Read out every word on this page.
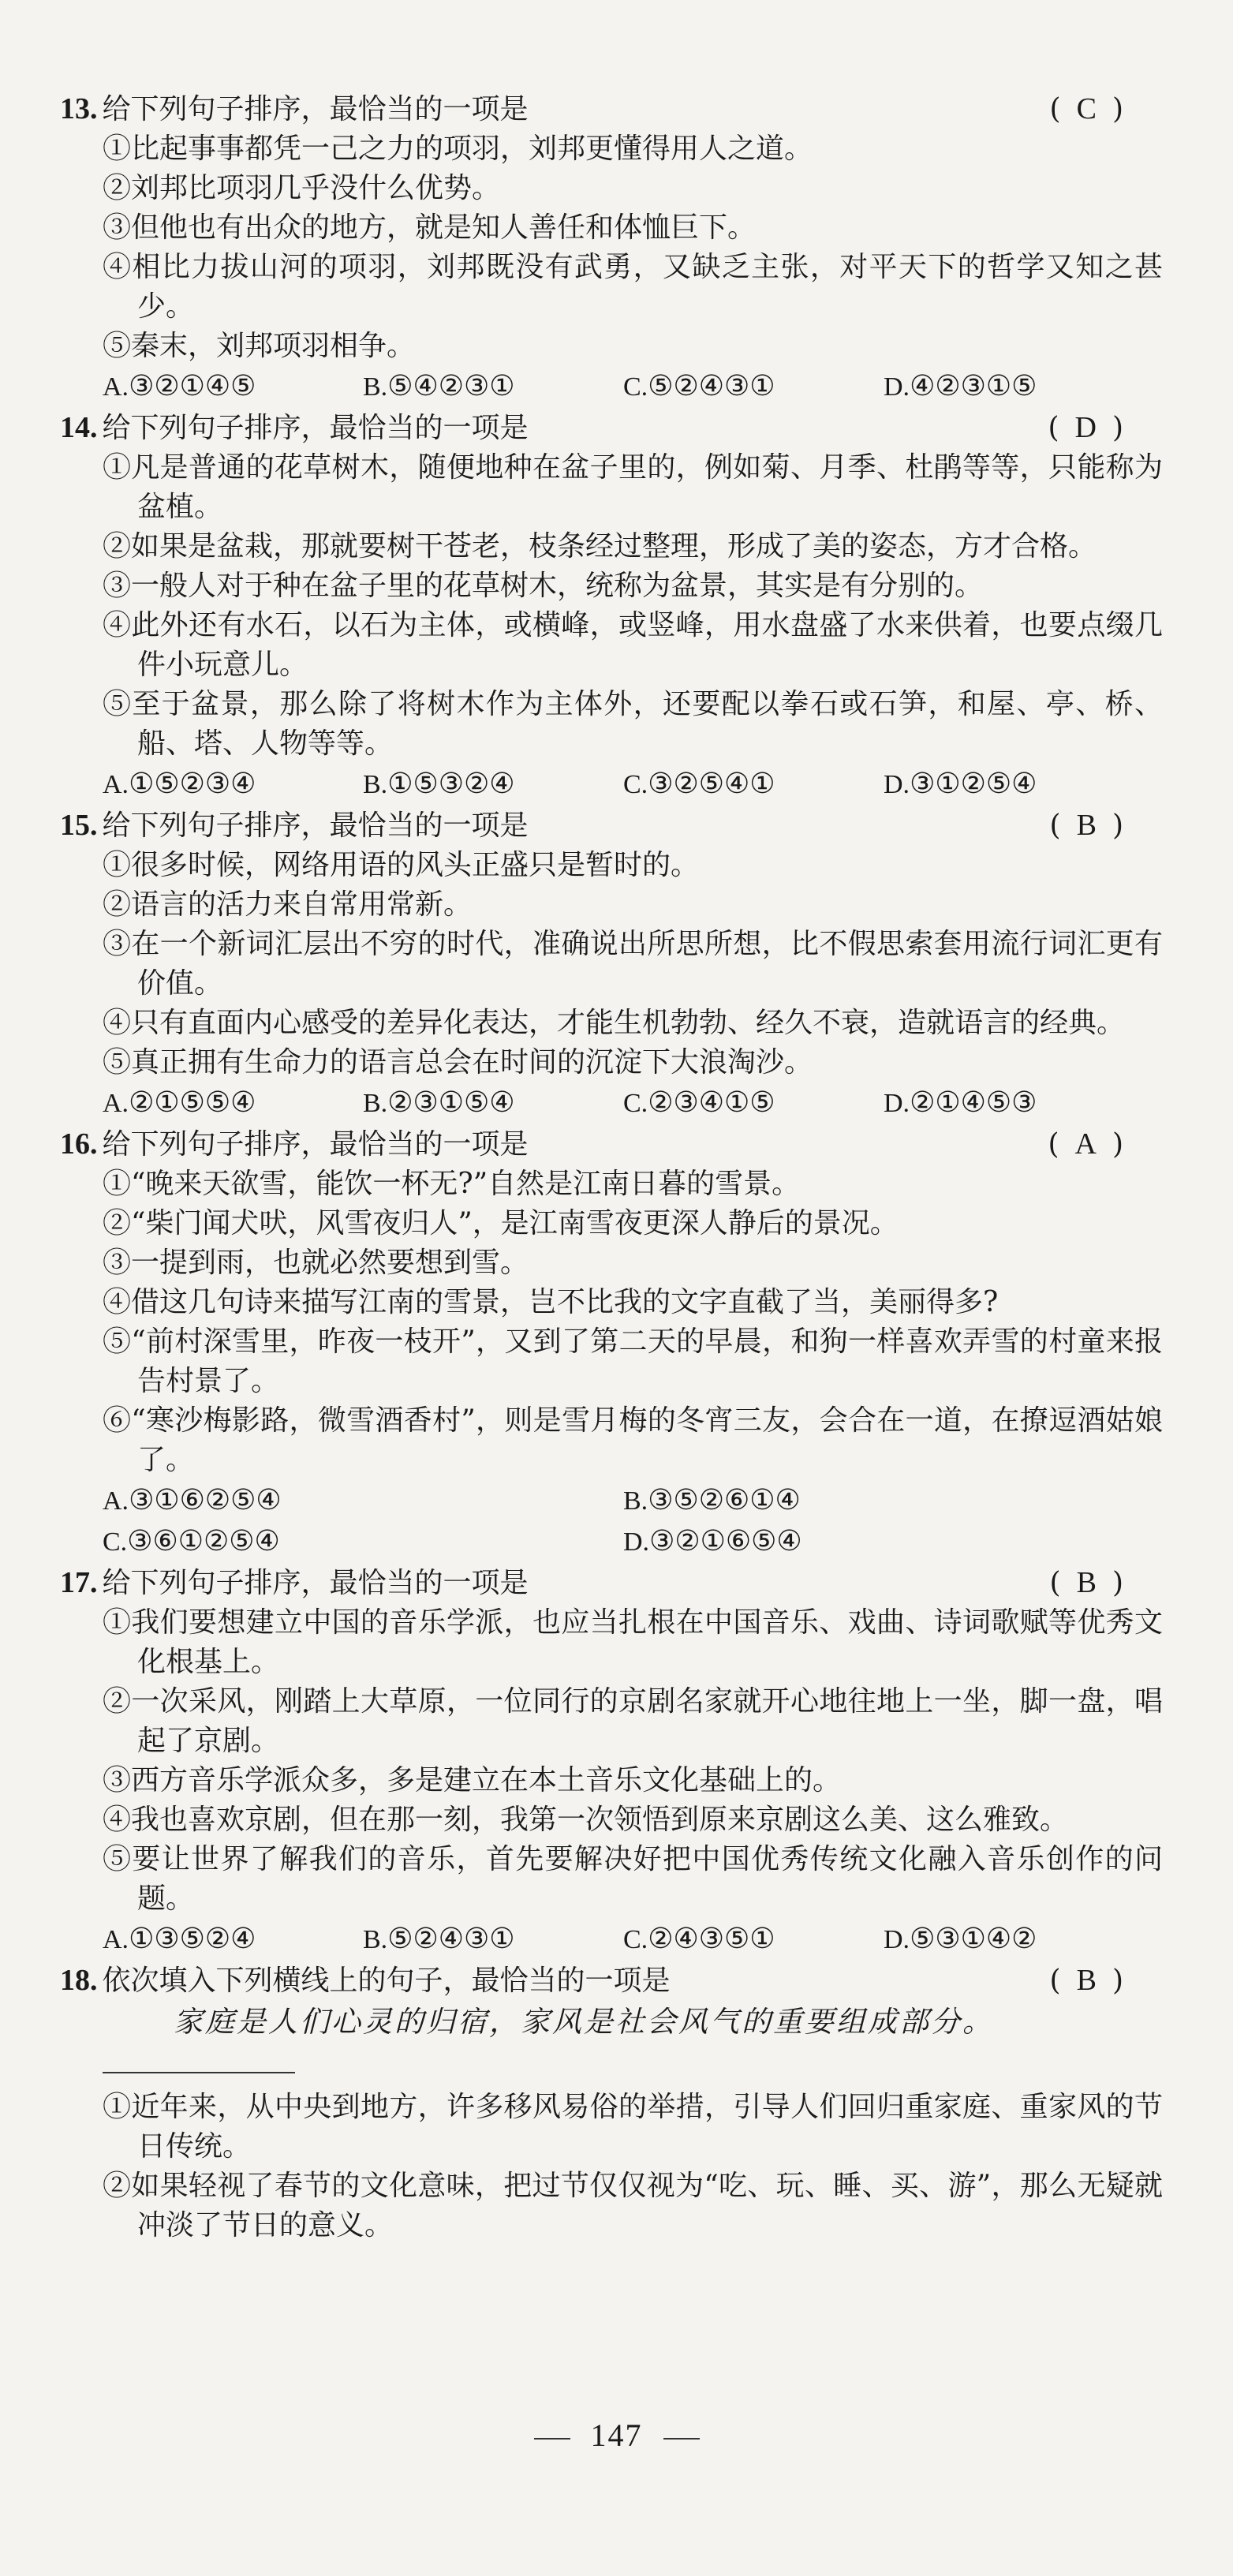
13. 给下列句子排序，最恰当的一项是	( C )
①比起事事都凭一己之力的项羽，刘邦更懂得用人之道。
②刘邦比项羽几乎没什么优势。
③但他也有出众的地方，就是知人善任和体恤巨下。
④相比力拔山河的项羽，刘邦既没有武勇，又缺乏主张，对平天下的哲学又知之甚少。
⑤秦末，刘邦项羽相争。
A.③②①④⑤	B.⑤④②③①	C.⑤②④③①	D.④②③①⑤
14. 给下列句子排序，最恰当的一项是	( D )
①凡是普通的花草树木，随便地种在盆子里的，例如菊、月季、杜鹃等等，只能称为盆植。
②如果是盆栽，那就要树干苍老，枝条经过整理，形成了美的姿态，方才合格。
③一般人对于种在盆子里的花草树木，统称为盆景，其实是有分别的。
④此外还有水石，以石为主体，或横峰，或竖峰，用水盘盛了水来供着，也要点缀几件小玩意儿。
⑤至于盆景，那么除了将树木作为主体外，还要配以拳石或石笋，和屋、亭、桥、船、塔、人物等等。
A.①⑤②③④	B.①⑤③②④	C.③②⑤④①	D.③①②⑤④
15. 给下列句子排序，最恰当的一项是	( B )
①很多时候，网络用语的风头正盛只是暂时的。
②语言的活力来自常用常新。
③在一个新词汇层出不穷的时代，准确说出所思所想，比不假思索套用流行词汇更有价值。
④只有直面内心感受的差异化表达，才能生机勃勃、经久不衰，造就语言的经典。
⑤真正拥有生命力的语言总会在时间的沉淀下大浪淘沙。
A.②①⑤⑤④	B.②③①⑤④	C.②③④①⑤	D.②①④⑤③
16. 给下列句子排序，最恰当的一项是	( A )
①“晚来天欲雪，能饮一杯无?”自然是江南日暮的雪景。
②“柴门闻犬吠，风雪夜归人”，是江南雪夜更深人静后的景况。
③一提到雨，也就必然要想到雪。
④借这几句诗来描写江南的雪景，岂不比我的文字直截了当，美丽得多?
⑤“前村深雪里，昨夜一枝开”，又到了第二天的早晨，和狗一样喜欢弄雪的村童来报告村景了。
⑥“寒沙梅影路，微雪酒香村”，则是雪月梅的冬宵三友，会合在一道，在撩逗酒姑娘了。
A.③①⑥②⑤④	B.③⑤②⑥①④
C.③⑥①②⑤④	D.③②①⑥⑤④
17. 给下列句子排序，最恰当的一项是	( B )
①我们要想建立中国的音乐学派，也应当扎根在中国音乐、戏曲、诗词歌赋等优秀文化根基上。
②一次采风，刚踏上大草原，一位同行的京剧名家就开心地往地上一坐，脚一盘，唱起了京剧。
③西方音乐学派众多，多是建立在本土音乐文化基础上的。
④我也喜欢京剧，但在那一刻，我第一次领悟到原来京剧这么美、这么雅致。
⑤要让世界了解我们的音乐，首先要解决好把中国优秀传统文化融入音乐创作的问题。
A.①③⑤②④	B.⑤②④③①	C.②④③⑤①	D.⑤③①④②
18. 依次填入下列横线上的句子，最恰当的一项是	( B )
家庭是人们心灵的归宿，家风是社会风气的重要组成部分。
①近年来，从中央到地方，许多移风易俗的举措，引导人们回归重家庭、重家风的节日传统。
②如果轻视了春节的文化意味，把过节仅仅视为“吃、玩、睡、买、游”，那么无疑就冲淡了节日的意义。
147
